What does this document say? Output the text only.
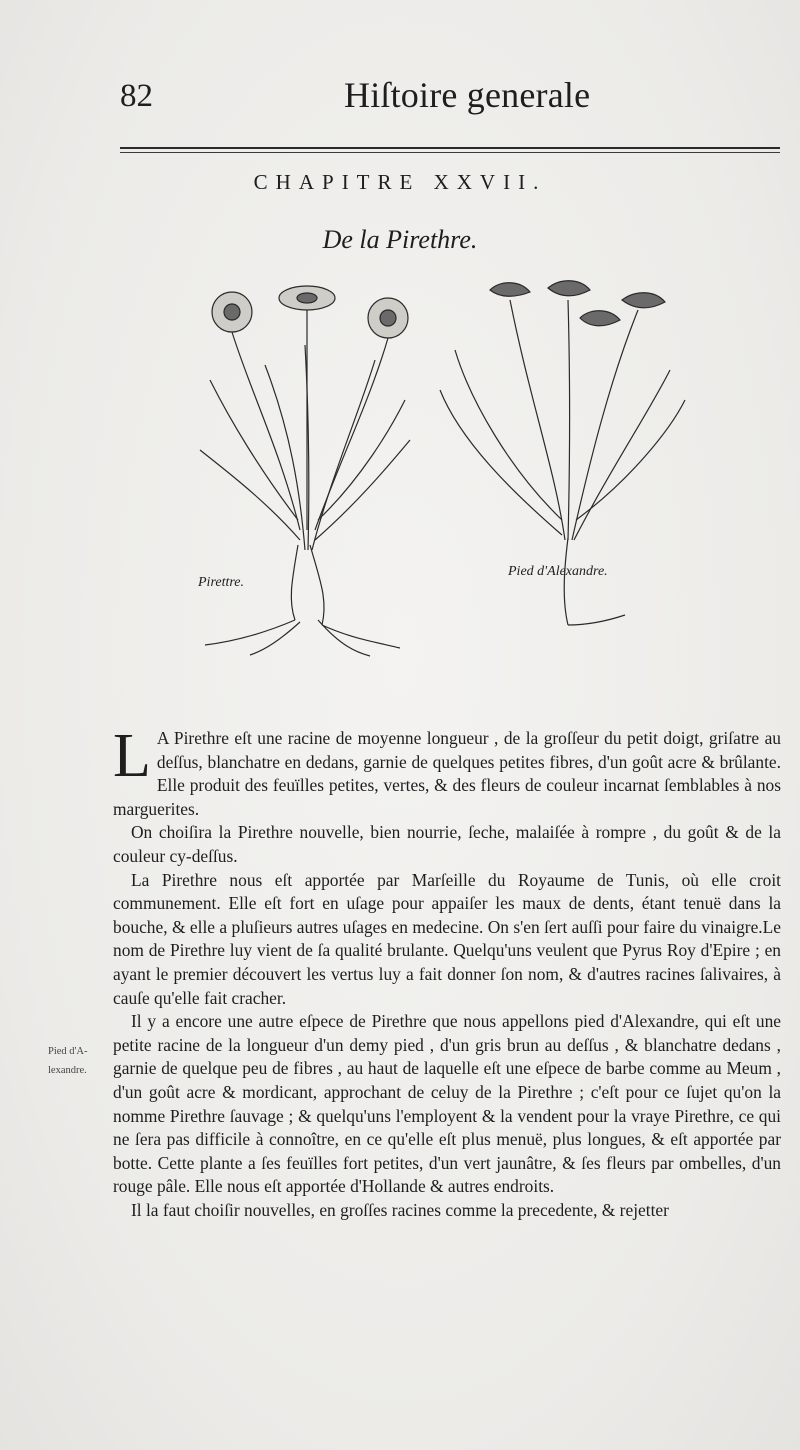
82	Hiſtoire generale
CHAPITRE XXVII.
De la Pirethre.
Pirettre.
Pied d'Alexandre.
Pied d'A-lexandre.

L A Pirethre eſt une racine de moyenne longueur , de la groſſeur du petit doigt, griſatre au deſſus, blanchatre en dedans, garnie de quelques petites fibres, d'un goût acre & brûlante. Elle produit des feuïlles petites, vertes, & des fleurs de couleur incarnat ſemblables à nos marguerites.

On choiſira la Pirethre nouvelle, bien nourrie, ſeche, malaiſée à rompre , du goût & de la couleur cy-deſſus.

La Pirethre nous eſt apportée par Marſeille du Royaume de Tunis, où elle croit communement. Elle eſt fort en uſage pour appaiſer les maux de dents, étant tenuë dans la bouche, & elle a pluſieurs autres uſages en medecine. On s'en ſert auſſi pour faire du vinaigre.Le nom de Pirethre luy vient de ſa qualité brulante. Quelqu'uns veulent que Pyrus Roy d'Epire ; en ayant le premier découvert les vertus luy a fait donner ſon nom, & d'autres racines ſalivaires, à cauſe qu'elle fait cracher.

Il y a encore une autre eſpece de Pirethre que nous appellons pied d'Alexandre, qui eſt une petite racine de la longueur d'un demy pied , d'un gris brun au deſſus , & blanchatre dedans , garnie de quelque peu de fibres , au haut de laquelle eſt une eſpece de barbe comme au Meum , d'un goût acre & mordicant, approchant de celuy de la Pirethre ; c'eſt pour ce ſujet qu'on la nomme Pirethre ſauvage ; & quelqu'uns l'employent & la vendent pour la vraye Pirethre, ce qui ne ſera pas difficile à connoître, en ce qu'elle eſt plus menuë, plus longues, & eſt apportée par botte. Cette plante a ſes feuïlles fort petites, d'un vert jaunâtre, & ſes fleurs par ombelles, d'un rouge pâle. Elle nous eſt apportée d'Hollande & autres endroits.

Il la faut choiſir nouvelles, en groſſes racines comme la precedente, & rejetter
